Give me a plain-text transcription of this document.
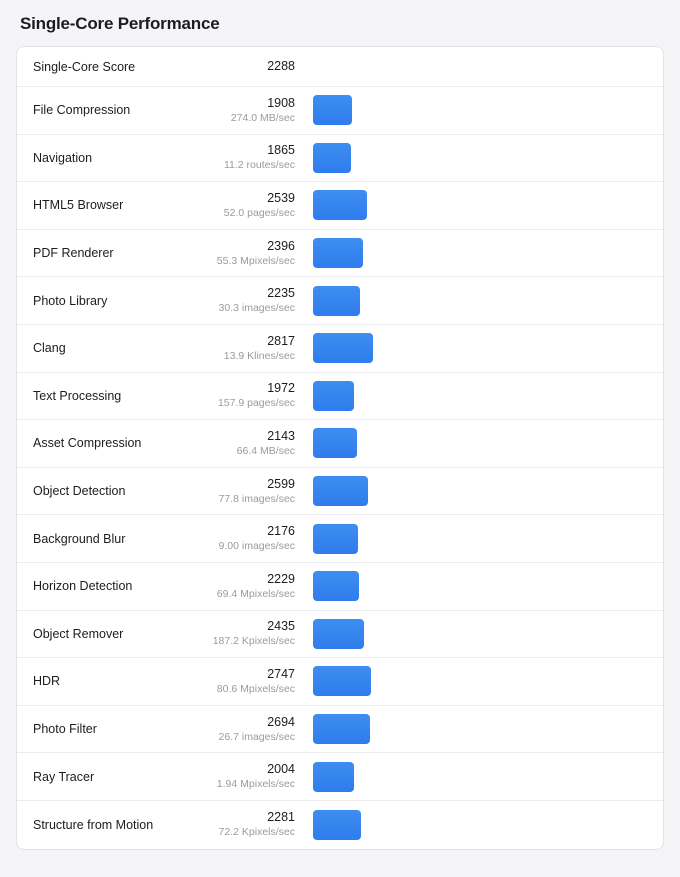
Single-Core Performance
Single-Core Score	2288
File Compression
1908
274.0 MB/sec
Navigation
1865
11.2 routes/sec
HTML5 Browser
2539
52.0 pages/sec
PDF Renderer
2396
55.3 Mpixels/sec
Photo Library
2235
30.3 images/sec
Clang
2817
13.9 Klines/sec
Text Processing
1972
157.9 pages/sec
Asset Compression
2143
66.4 MB/sec
Object Detection
2599
77.8 images/sec
Background Blur
2176
9.00 images/sec
Horizon Detection
2229
69.4 Mpixels/sec
Object Remover
2435
187.2 Kpixels/sec
HDR
2747
80.6 Mpixels/sec
Photo Filter
2694
26.7 images/sec
Ray Tracer
2004
1.94 Mpixels/sec
Structure from Motion
2281
72.2 Kpixels/sec
